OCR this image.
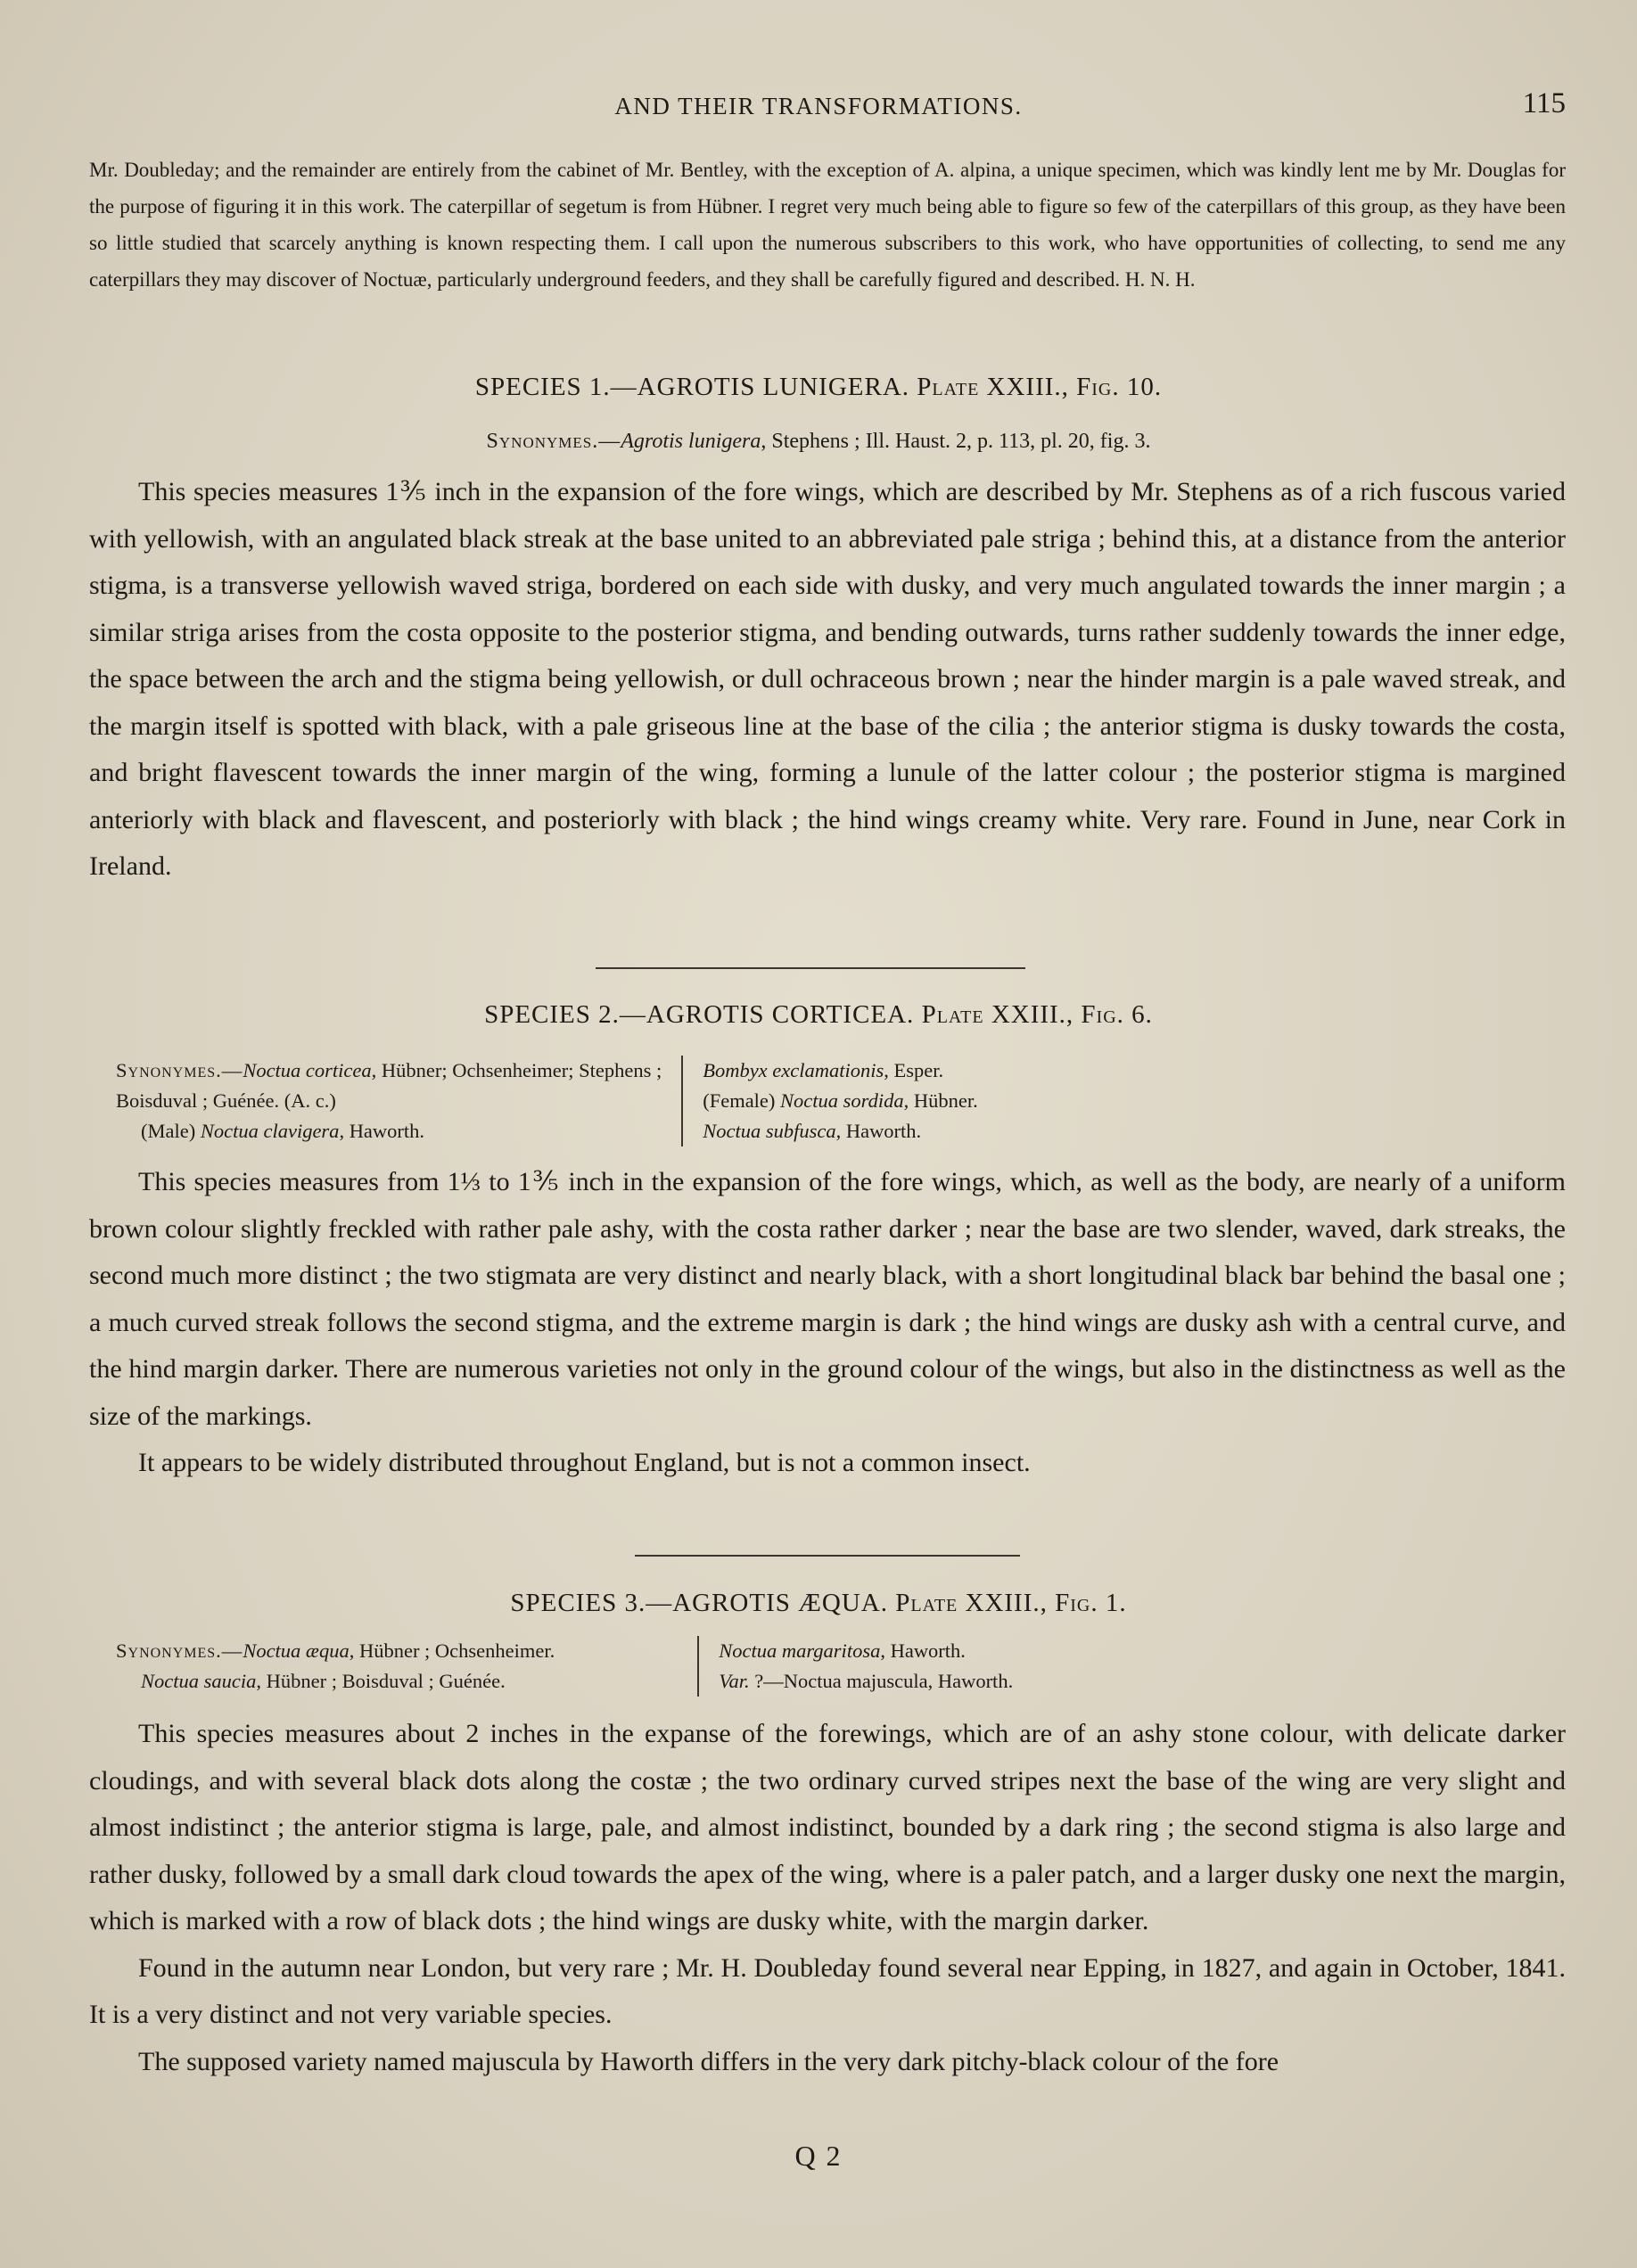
AND THEIR TRANSFORMATIONS.	115
Mr. Doubleday; and the remainder are entirely from the cabinet of Mr. Bentley, with the exception of A. alpina, a unique specimen, which was kindly lent me by Mr. Douglas for the purpose of figuring it in this work. The caterpillar of segetum is from Hübner. I regret very much being able to figure so few of the caterpillars of this group, as they have been so little studied that scarcely anything is known respecting them. I call upon the numerous subscribers to this work, who have opportunities of collecting, to send me any caterpillars they may discover of Noctuæ, particularly underground feeders, and they shall be carefully figured and described. H. N. H.
SPECIES 1.—AGROTIS LUNIGERA. Plate XXIII., Fig. 10.
Synonymes.—Agrotis lunigera, Stephens ; Ill. Haust. 2, p. 113, pl. 20, fig. 3.

This species measures 1⅗ inch in the expansion of the fore wings, which are described by Mr. Stephens as of a rich fuscous varied with yellowish, with an angulated black streak at the base united to an abbreviated pale striga ; behind this, at a distance from the anterior stigma, is a transverse yellowish waved striga, bordered on each side with dusky, and very much angulated towards the inner margin ; a similar striga arises from the costa opposite to the posterior stigma, and bending outwards, turns rather suddenly towards the inner edge, the space between the arch and the stigma being yellowish, or dull ochraceous brown ; near the hinder margin is a pale waved streak, and the margin itself is spotted with black, with a pale griseous line at the base of the cilia ; the anterior stigma is dusky towards the costa, and bright flavescent towards the inner margin of the wing, forming a lunule of the latter colour ; the posterior stigma is margined anteriorly with black and flavescent, and posteriorly with black ; the hind wings creamy white. Very rare. Found in June, near Cork in Ireland.

SPECIES 2.—AGROTIS CORTICEA. Plate XXIII., Fig. 6.
Synonymes.—Noctua corticea, Hübner; Ochsenheimer; Stephens ;
Boisduval ; Guénée. (A. c.)
(Male) Noctua clavigera, Haworth.
Bombyx exclamationis, Esper.
(Female) Noctua sordida, Hübner.
Noctua subfusca, Haworth.

This species measures from 1⅓ to 1⅗ inch in the expansion of the fore wings, which, as well as the body, are nearly of a uniform brown colour slightly freckled with rather pale ashy, with the costa rather darker ; near the base are two slender, waved, dark streaks, the second much more distinct ; the two stigmata are very distinct and nearly black, with a short longitudinal black bar behind the basal one ; a much curved streak follows the second stigma, and the extreme margin is dark ; the hind wings are dusky ash with a central curve, and the hind margin darker. There are numerous varieties not only in the ground colour of the wings, but also in the distinctness as well as the size of the markings.

It appears to be widely distributed throughout England, but is not a common insect.

SPECIES 3.—AGROTIS ÆQUA. Plate XXIII., Fig. 1.
Synonymes.—Noctua æqua, Hübner ; Ochsenheimer.
Noctua saucia, Hübner ; Boisduval ; Guénée.
Noctua margaritosa, Haworth.
Var. ?—Noctua majuscula, Haworth.

This species measures about 2 inches in the expanse of the forewings, which are of an ashy stone colour, with delicate darker cloudings, and with several black dots along the costæ ; the two ordinary curved stripes next the base of the wing are very slight and almost indistinct ; the anterior stigma is large, pale, and almost indistinct, bounded by a dark ring ; the second stigma is also large and rather dusky, followed by a small dark cloud towards the apex of the wing, where is a paler patch, and a larger dusky one next the margin, which is marked with a row of black dots ; the hind wings are dusky white, with the margin darker.

Found in the autumn near London, but very rare ; Mr. H. Doubleday found several near Epping, in 1827, and again in October, 1841. It is a very distinct and not very variable species.

The supposed variety named majuscula by Haworth differs in the very dark pitchy-black colour of the fore

Q 2
